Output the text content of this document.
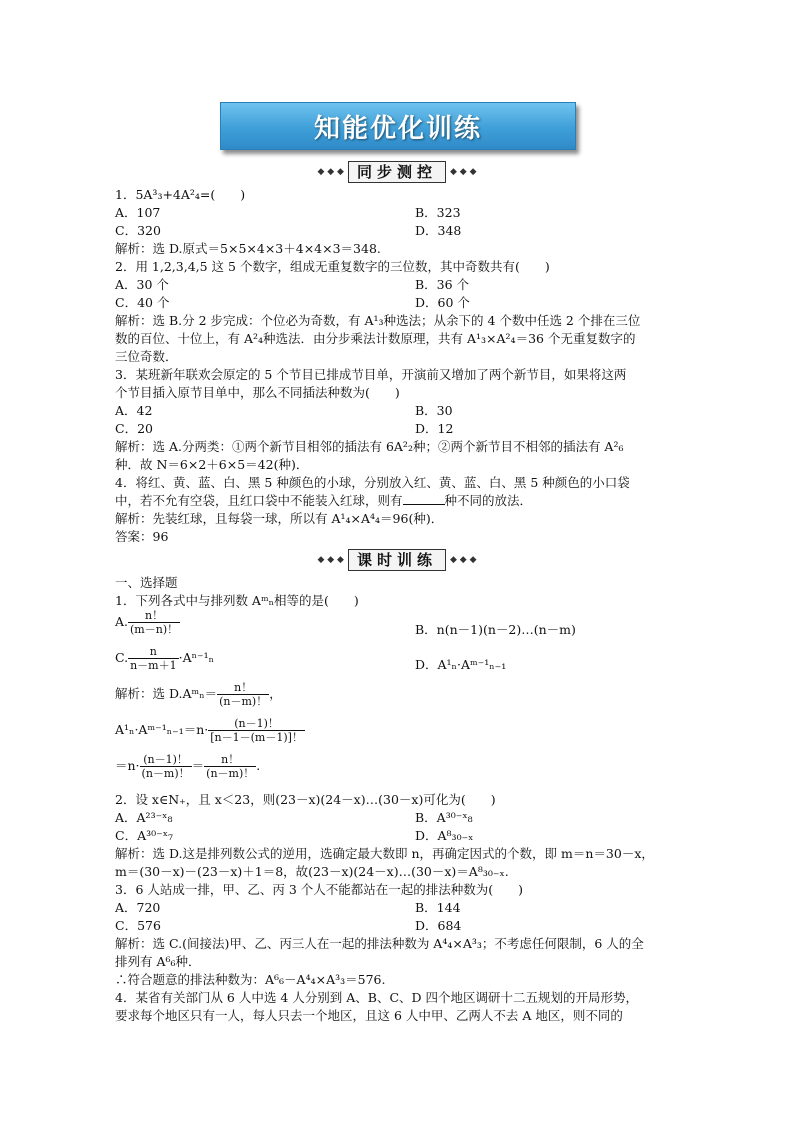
知能优化训练
◆ ◆ ◆ 同步测控	◆ ◆ ◆
1．5A³₃+4A²₄=(　　)
A．107	B．323
C．320	D．348
解析：选 D.原式＝5×5×4×3＋4×4×3＝348.
2．用 1,2,3,4,5 这 5 个数字，组成无重复数字的三位数，其中奇数共有(　　)
A．30 个	B．36 个
C．40 个	D．60 个
解析：选 B.分 2 步完成：个位必为奇数，有 A¹₃种选法；从余下的 4 个数中任选 2 个排在三位
数的百位、十位上，有 A²₄种选法．由分步乘法计数原理，共有 A¹₃×A²₄＝36 个无重复数字的
三位奇数．
3．某班新年联欢会原定的 5 个节目已排成节目单，开演前又增加了两个新节目，如果将这两
个节目插入原节目单中，那么不同插法种数为(　　)
A．42	B．30
C．20	D．12
解析：选 A.分两类：①两个新节目相邻的插法有 6A²₂种；②两个新节目不相邻的插法有 A²₆
种．故 N＝6×2＋6×5＝42(种)．
4．将红、黄、蓝、白、黑 5 种颜色的小球，分别放入红、黄、蓝、白、黑 5 种颜色的小口袋
中，若不允有空袋，且红口袋中不能装入红球，则有	种不同的放法．
解析：先装红球，且每袋一球，所以有 A¹₄×A⁴₄＝96(种)．
答案：96
◆ ◆ ◆ 课时训练	◆ ◆ ◆
一、选择题
1．下列各式中与排列数 Aᵐₙ相等的是(　　)
A. $\frac{n!}{(m-n)!}$	B．n(n－1)(n－2)…(n－m)
C. $\frac{n}{n-m+1} \cdot A^{n-1}_n$	D．A¹ₙ·Aᵐ⁻¹ₙ₋₁
解析：选 D.Aᵐₙ＝ $\frac{n!}{(n-m)!}$ ，
A¹ₙ·Aᵐ⁻¹ₙ₋₁＝n· $\frac{(n-1)!}{[n-1-(m-1)]!}$
$=n\cdot \frac{(n-1)!}{(n-m)!} = \frac{n!}{(n-m)!}$ .
2．设 x∈N₊，且 x＜23，则(23－x)(24－x)…(30－x)可化为(　　)
A．A²³⁻ˣ₈	B．A³⁰⁻ˣ₈
C．A³⁰⁻ˣ₇	D．A⁸₃₀₋ₓ
解析：选 D.这是排列数公式的逆用，选确定最大数即 n，再确定因式的个数，即 m＝n＝30－x，
m＝(30－x)－(23－x)＋1＝8，故(23－x)(24－x)…(30－x)＝A⁸₃₀₋ₓ.
3．6 人站成一排，甲、乙、丙 3 个人不能都站在一起的排法种数为(　　)
A．720	B．144
C．576	D．684
解析：选 C.(间接法)甲、乙、丙三人在一起的排法种数为 A⁴₄×A³₃；不考虑任何限制，6 人的全
排列有 A⁶₆种．
∴符合题意的排法种数为：A⁶₆－A⁴₄×A³₃＝576.
4．某省有关部门从 6 人中选 4 人分别到 A、B、C、D 四个地区调研十二五规划的开局形势，
要求每个地区只有一人，每人只去一个地区，且这 6 人中甲、乙两人不去 A 地区，则不同的
